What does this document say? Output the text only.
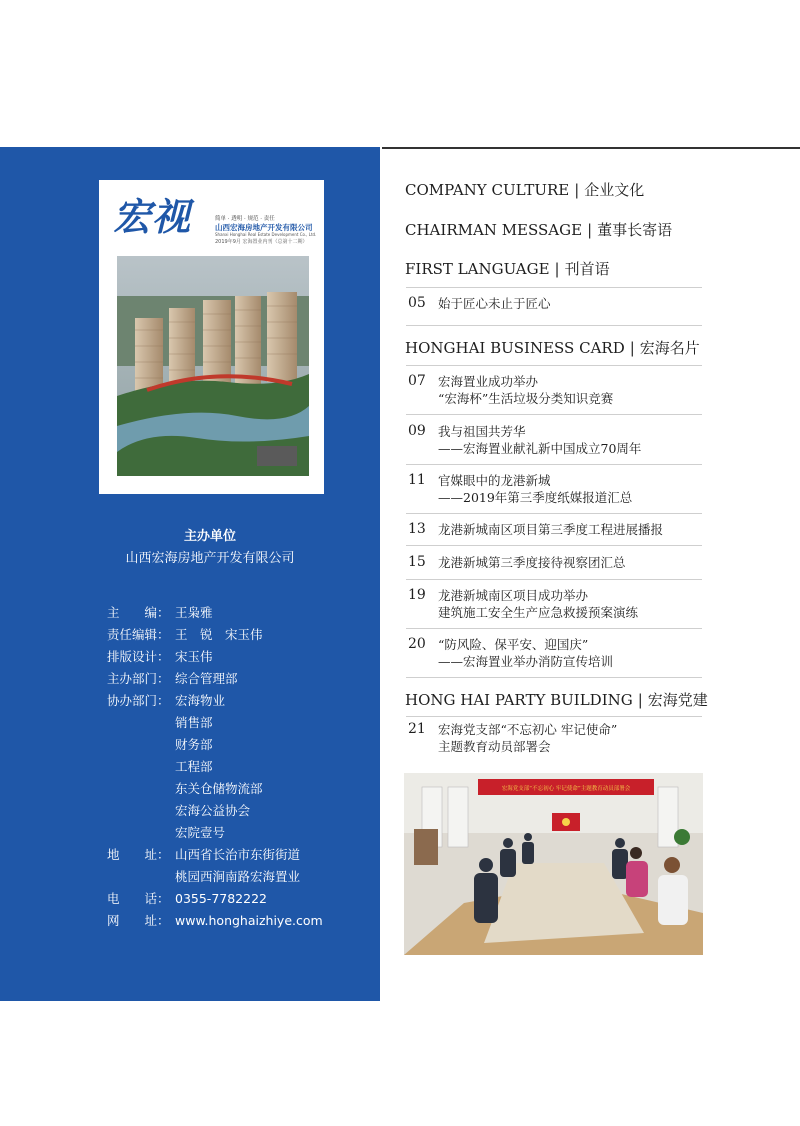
宏视	简单 · 透明 · 规范 · 责任
山西宏海房地产开发有限公司
Shanxi Honghai Real Estate Development Co., Ltd.
2019年9月 宏海置业内刊（总第十二期）
主办单位
山西宏海房地产开发有限公司
主　　编： 王枭雅
责任编辑： 王　锐　宋玉伟
排版设计： 宋玉伟
主办部门： 综合管理部
协办部门： 宏海物业
销售部
财务部
工程部
东关仓储物流部
宏海公益协会
宏院壹号
地　　址： 山西省长治市东街街道
桃园西涧南路宏海置业
电　　话： 0355-7782222
网　　址： www.honghaizhiye.com
COMPANY CULTURE | 企业文化
CHAIRMAN MESSAGE | 董事长寄语
FIRST LANGUAGE | 刊首语
05 始于匠心未止于匠心
HONGHAI BUSINESS CARD | 宏海名片
07 宏海置业成功举办
“宏海杯”生活垃圾分类知识竞赛
09 我与祖国共芳华
——宏海置业献礼新中国成立70周年
11 官媒眼中的龙港新城
——2019年第三季度纸媒报道汇总
13 龙港新城南区项目第三季度工程进展播报
15 龙港新城第三季度接待视察团汇总
19 龙港新城南区项目成功举办
建筑施工安全生产应急救援预案演练
20 “防风险、保平安、迎国庆”
——宏海置业举办消防宣传培训
HONG HAI PARTY BUILDING | 宏海党建
21 宏海党支部“不忘初心 牢记使命”
主题教育动员部署会
宏海党支部“不忘初心 牢记使命”主题教育动员部署会
